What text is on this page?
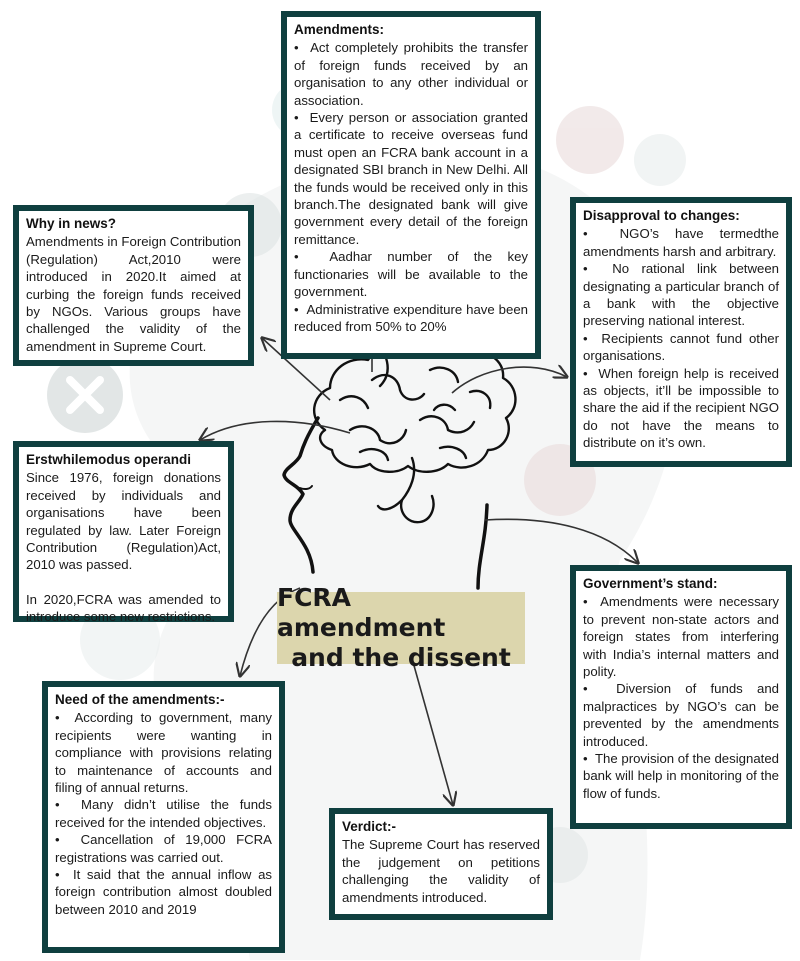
Amendments:
•  Act completely prohibits the transfer of foreign funds received by an organisation to any other individual or association.
•  Every person or association granted a certificate to receive overseas fund must open an FCRA bank account in a designated SBI branch in New Delhi. All the funds would be received only in this branch.The designated bank will give government every detail of the foreign remittance.
•  Aadhar number of the key functionaries will be available to the government.
•  Administrative expenditure have been reduced from 50% to 20%
Why in news?

Amendments in Foreign Contribution (Regulation) Act,2010 were introduced in 2020.It aimed at curbing the foreign funds received by NGOs. Various groups have challenged the validity of the amendment in Supreme Court.

Disapproval to changes:
•  NGO’s have termedthe amendments harsh and arbitrary.
•  No rational link between designating a particular branch of a bank with the objective preserving national interest.
•  Recipients cannot fund other organisations.
•  When foreign help is received as objects, it’ll be impossible to share the aid if the recipient NGO do not have the means to distribute on it’s own.
Erstwhilemodus operandi

Since 1976, foreign donations received by individuals and organisations have been regulated by law. Later Foreign Contribution (Regulation)Act, 2010 was passed.

In 2020,FCRA was amended to introduce some new restrictions.

FCRA amendment
and the dissent
Government’s stand:
•  Amendments were necessary to prevent non-state actors and foreign states from interfering with India’s internal matters and polity.
•  Diversion of funds and malpractices by NGO’s can be prevented by the amendments introduced.
•  The provision of the designated bank will help in monitoring of the flow of funds.
Need of the amendments:-
•  According to government, many recipients were wanting in compliance with provisions relating to maintenance of accounts and filing of annual returns.
•  Many didn’t utilise the funds received for the intended objectives.
•  Cancellation of 19,000 FCRA registrations was carried out.
•  It said that the annual inflow as foreign contribution almost doubled between 2010 and 2019
Verdict:-

The Supreme Court has reserved the judgement on petitions challenging the validity of amendments introduced.
